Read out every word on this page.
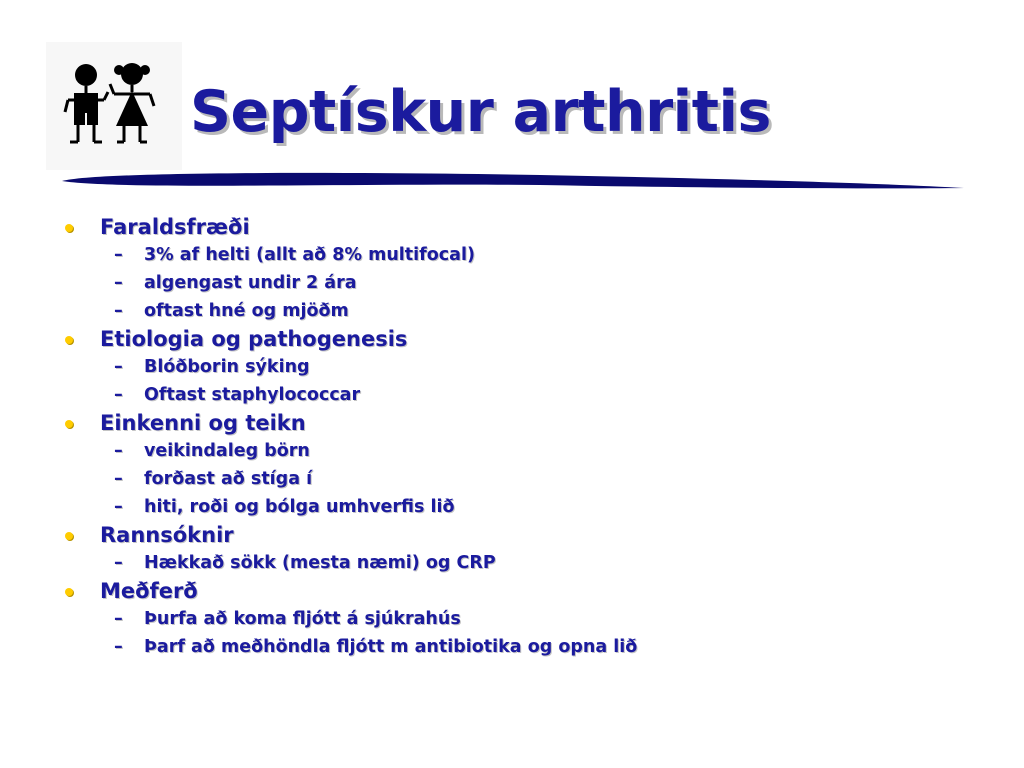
Septískur arthritis
Faraldsfræði
– 3% af helti (allt að 8% multifocal)
– algengast undir 2 ára
– oftast hné og mjöðm
Etiologia og pathogenesis
– Blóðborin sýking
– Oftast staphylococcar
Einkenni og teikn
– veikindaleg börn
– forðast að stíga í
– hiti, roði og bólga umhverfis lið
Rannsóknir
– Hækkað sökk (mesta næmi) og CRP
Meðferð
– Þurfa að koma fljótt á sjúkrahús
– Þarf að meðhöndla fljótt m antibiotika og opna lið
